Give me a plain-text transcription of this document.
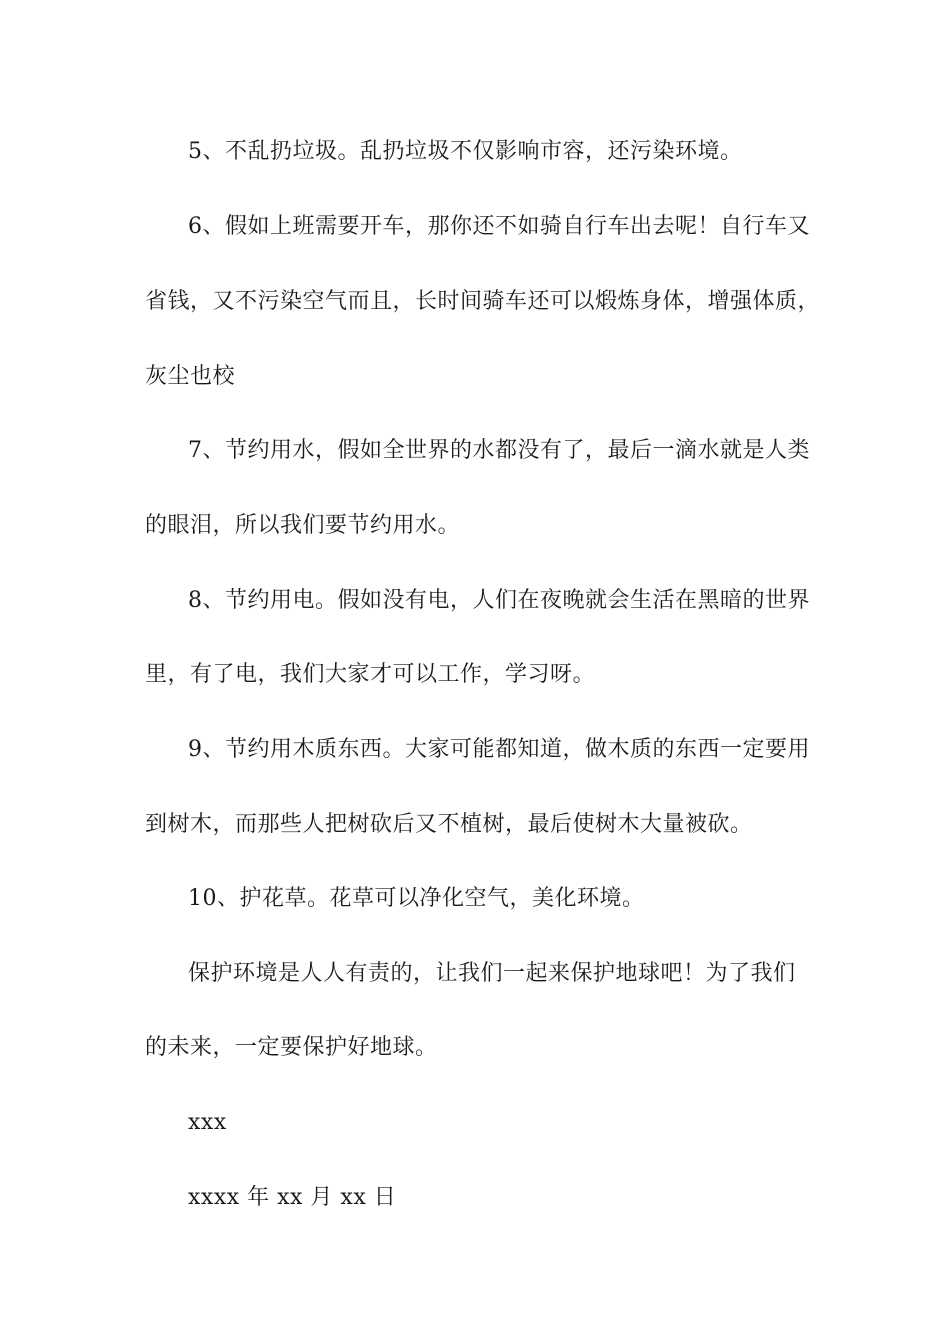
5、不乱扔垃圾。乱扔垃圾不仅影响市容，还污染环境。
6、假如上班需要开车，那你还不如骑自行车出去呢！自行车又
省钱，又不污染空气而且，长时间骑车还可以煅炼身体，增强体质，
灰尘也校
7、节约用水，假如全世界的水都没有了，最后一滴水就是人类
的眼泪，所以我们要节约用水。
8、节约用电。假如没有电，人们在夜晚就会生活在黑暗的世界
里，有了电，我们大家才可以工作，学习呀。
9、节约用木质东西。大家可能都知道，做木质的东西一定要用
到树木，而那些人把树砍后又不植树，最后使树木大量被砍。
10、护花草。花草可以净化空气，美化环境。
保护环境是人人有责的，让我们一起来保护地球吧！为了我们
的未来，一定要保护好地球。
xxx
xxxx 年 xx 月 xx 日
